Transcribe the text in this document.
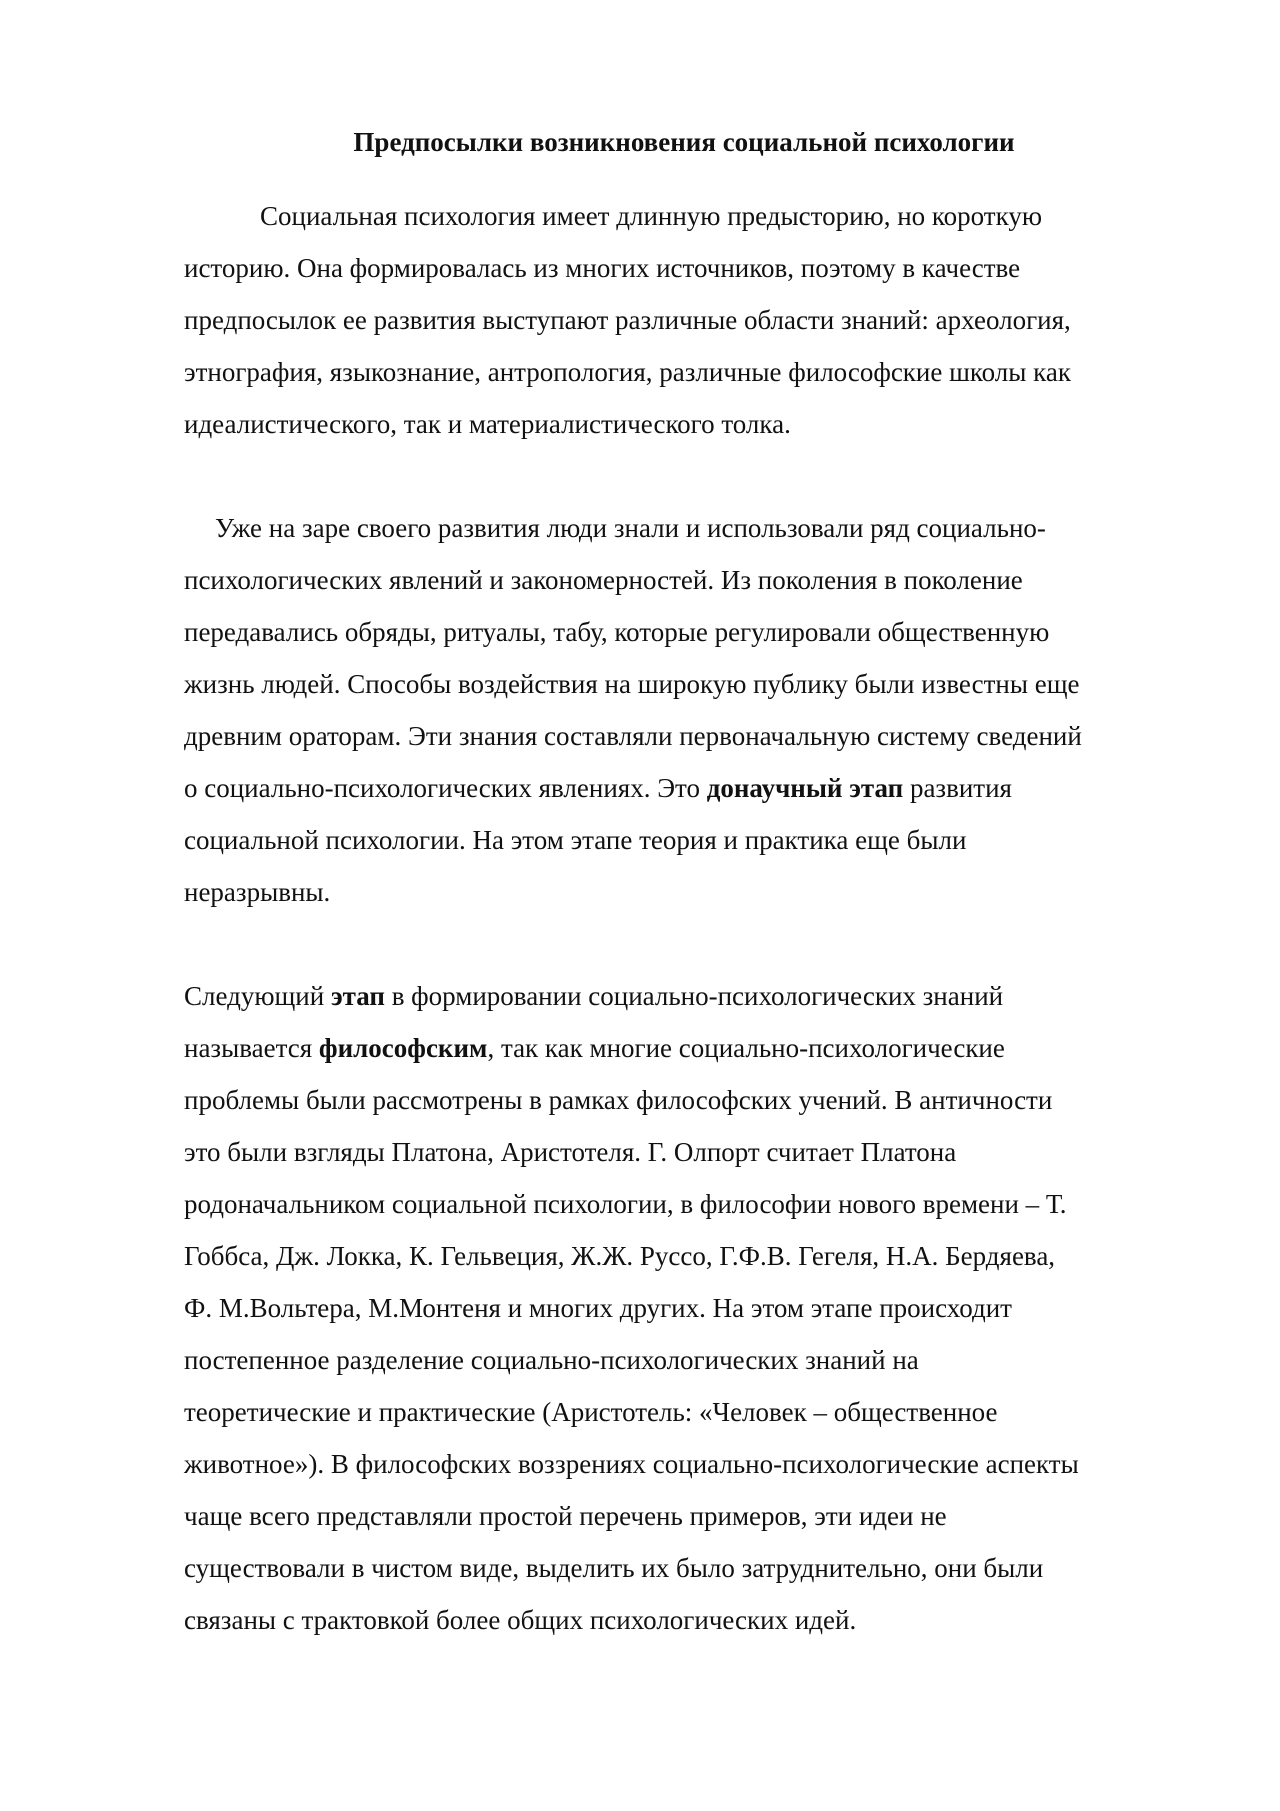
Предпосылки возникновения социальной психологии

Социальная психология имеет длинную предысторию, но короткую
историю. Она формировалась из многих источников, поэтому в качестве
предпосылок ее развития выступают различные области знаний: археология,
этнография, языкознание, антропология, различные философские школы как
идеалистического, так и материалистического толка.

Уже на заре своего развития люди знали и использовали ряд социально-
психологических явлений и закономерностей. Из поколения в поколение
передавались обряды, ритуалы, табу, которые регулировали общественную
жизнь людей. Способы воздействия на широкую публику были известны еще
древним ораторам. Эти знания составляли первоначальную систему сведений
о социально-психологических явлениях. Это донаучный этап развития
социальной психологии. На этом этапе теория и практика еще были
неразрывны.

Следующий этап в формировании социально-психологических знаний
называется философским, так как многие социально-психологические
проблемы были рассмотрены в рамках философских учений. В античности
это были взгляды Платона, Аристотеля. Г. Олпорт считает Платона
родоначальником социальной психологии, в философии нового времени – Т.
Гоббса, Дж. Локка, К. Гельвеция, Ж.Ж. Руссо, Г.Ф.В. Гегеля, Н.А. Бердяева,
Ф. М.Вольтера, М.Монтеня и многих других. На этом этапе происходит
постепенное разделение социально-психологических знаний на
теоретические и практические (Аристотель: «Человек – общественное
животное»). В философских воззрениях социально-психологические аспекты
чаще всего представляли простой перечень примеров, эти идеи не
существовали в чистом виде, выделить их было затруднительно, они были
связаны с трактовкой более общих психологических идей.
